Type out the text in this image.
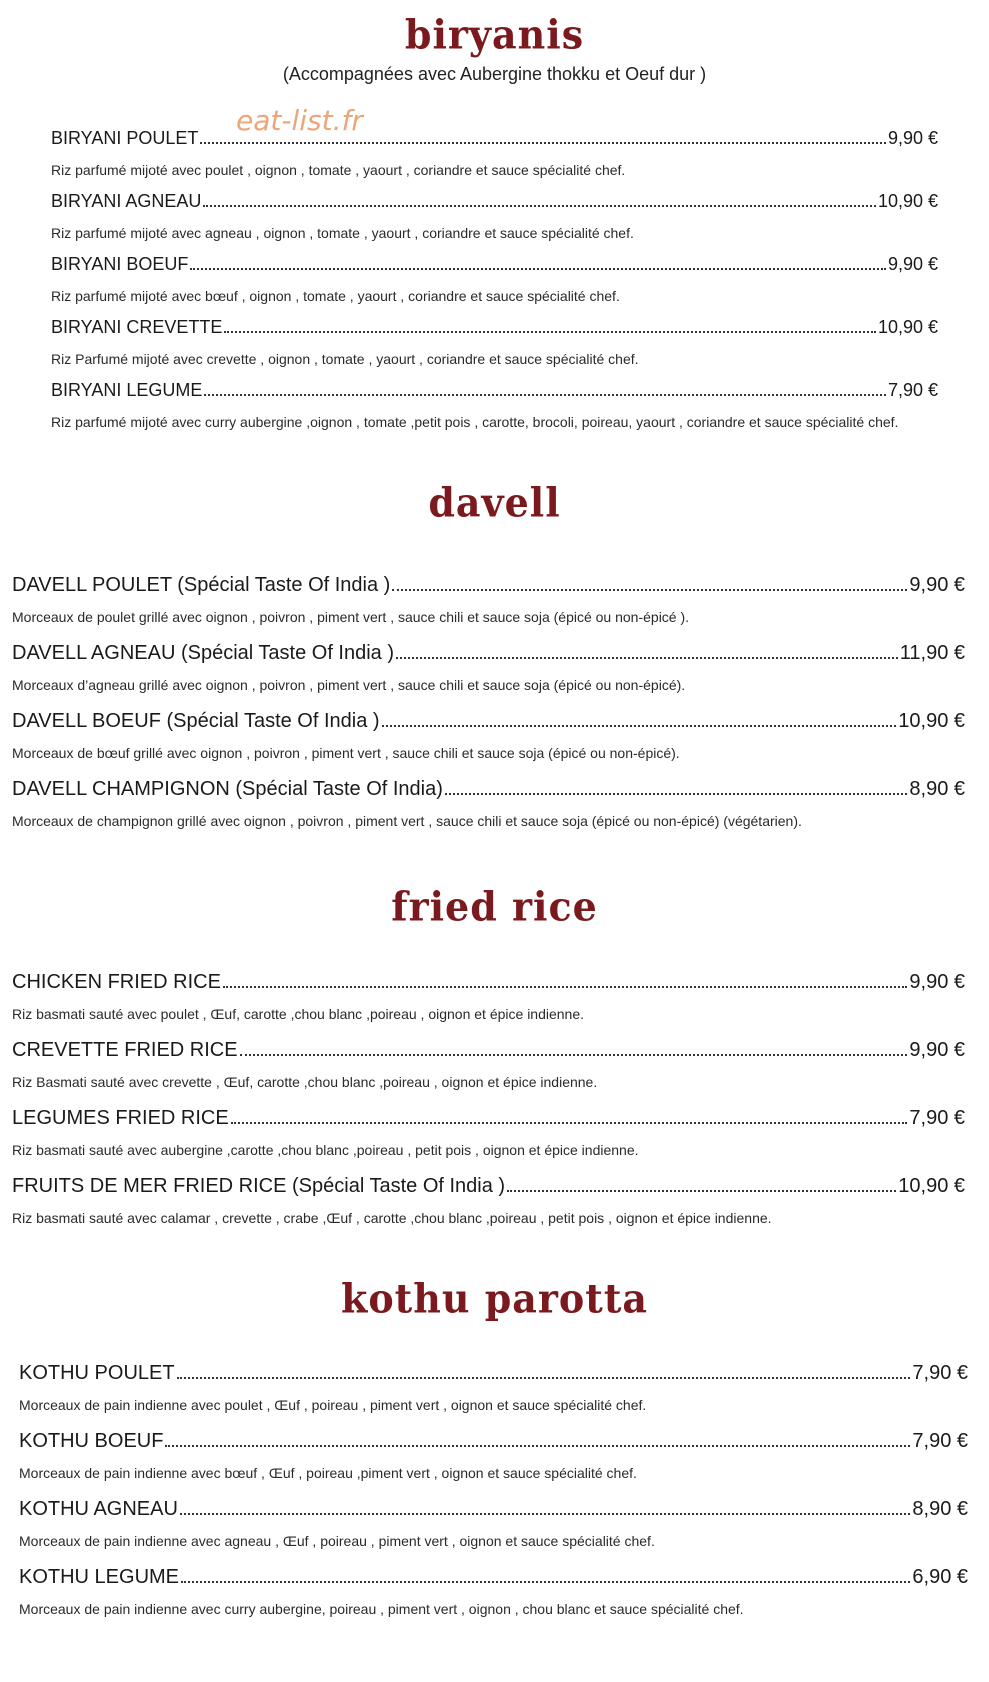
biryanis
(Accompagnées avec Aubergine thokku et Oeuf dur )
eat-list.fr
BIRYANI POULET	9,90 €
Riz parfumé mijoté avec poulet , oignon , tomate , yaourt , coriandre et sauce spécialité chef.
BIRYANI AGNEAU	10,90 €
Riz parfumé mijoté avec agneau , oignon , tomate , yaourt , coriandre et sauce spécialité chef.
BIRYANI BOEUF	9,90 €
Riz parfumé mijoté avec bœuf , oignon , tomate , yaourt , coriandre et sauce spécialité chef.
BIRYANI CREVETTE	10,90 €
Riz Parfumé mijoté avec crevette , oignon , tomate , yaourt , coriandre et sauce spécialité chef.
BIRYANI LEGUME	7,90 €
Riz parfumé mijoté avec curry aubergine ,oignon , tomate ,petit pois , carotte, brocoli, poireau, yaourt , coriandre et sauce spécialité chef.
davell
DAVELL POULET (Spécial Taste Of India )	9,90 €
Morceaux de poulet grillé avec oignon , poivron , piment vert , sauce chili et sauce soja (épicé ou non-épicé ).
DAVELL AGNEAU (Spécial Taste Of India )	11,90 €
Morceaux d’agneau grillé avec oignon , poivron , piment vert , sauce chili et sauce soja (épicé ou non-épicé).
DAVELL BOEUF (Spécial Taste Of India )	10,90 €
Morceaux de bœuf grillé avec oignon , poivron , piment vert , sauce chili et sauce soja (épicé ou non-épicé).
DAVELL CHAMPIGNON (Spécial Taste Of India)	8,90 €
Morceaux de champignon grillé avec oignon , poivron , piment vert , sauce chili et sauce soja (épicé ou non-épicé) (végétarien).
fried rice
CHICKEN FRIED RICE	9,90 €
Riz basmati sauté avec poulet , Œuf, carotte ,chou blanc ,poireau , oignon et épice indienne.
CREVETTE FRIED RICE	9,90 €
Riz Basmati sauté avec crevette , Œuf, carotte ,chou blanc ,poireau , oignon et épice indienne.
LEGUMES FRIED RICE	7,90 €
Riz basmati sauté avec aubergine ,carotte ,chou blanc ,poireau , petit pois , oignon et épice indienne.
FRUITS DE MER FRIED RICE (Spécial Taste Of India )	10,90 €
Riz basmati sauté avec calamar , crevette , crabe ,Œuf , carotte ,chou blanc ,poireau , petit pois , oignon et épice indienne.
kothu parotta
KOTHU POULET	7,90 €
Morceaux de pain indienne avec poulet , Œuf , poireau , piment vert , oignon et sauce spécialité chef.
KOTHU BOEUF	7,90 €
Morceaux de pain indienne avec bœuf , Œuf , poireau ,piment vert , oignon et sauce spécialité chef.
KOTHU AGNEAU	8,90 €
Morceaux de pain indienne avec agneau , Œuf , poireau , piment vert , oignon et sauce spécialité chef.
KOTHU LEGUME	6,90 €
Morceaux de pain indienne avec curry aubergine, poireau , piment vert , oignon , chou blanc et sauce spécialité chef.
